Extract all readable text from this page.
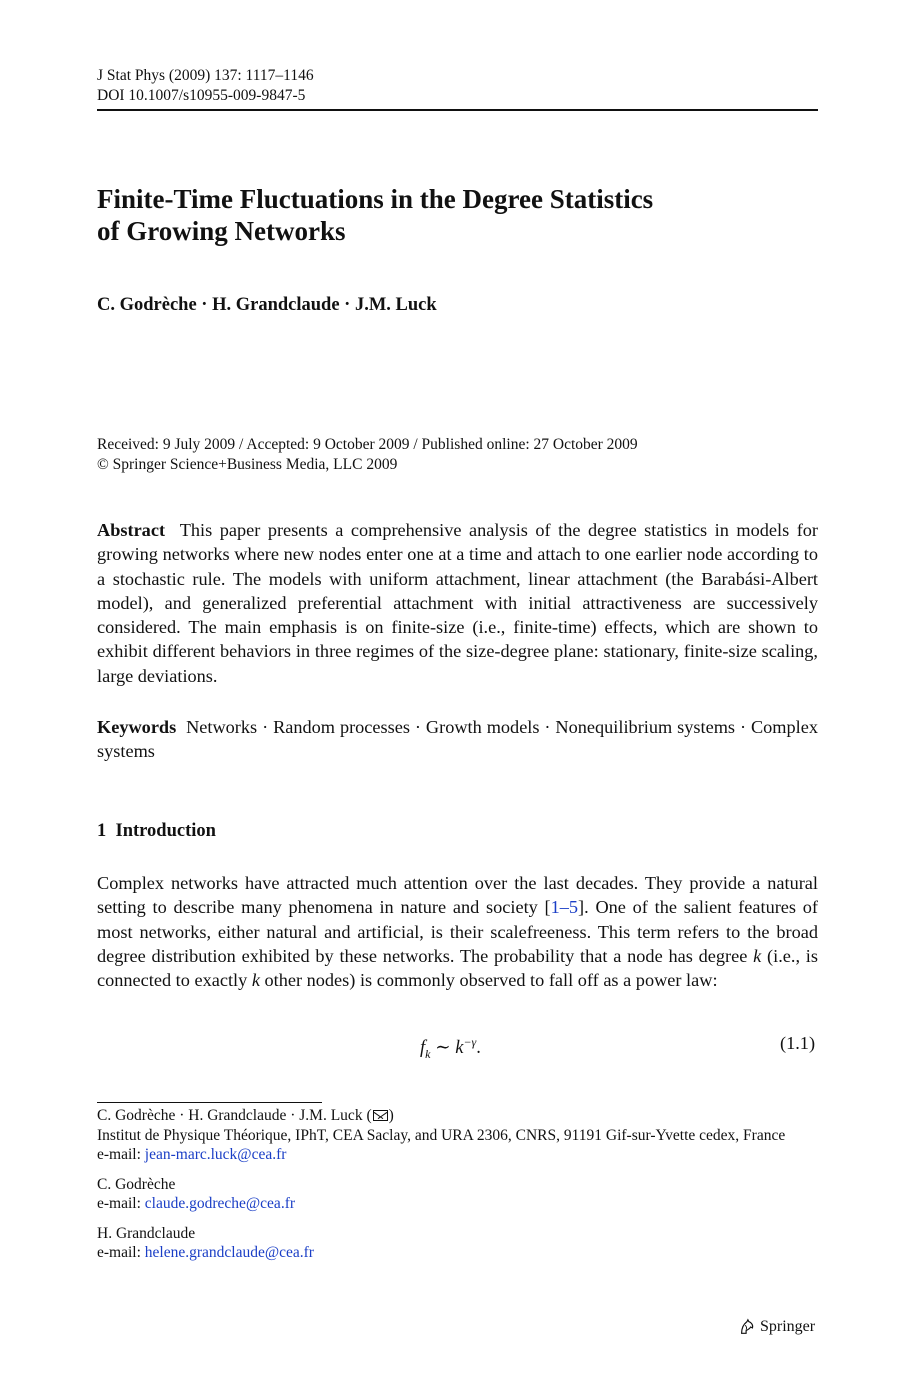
J Stat Phys (2009) 137: 1117–1146
DOI 10.1007/s10955-009-9847-5
Finite-Time Fluctuations in the Degree Statistics
of Growing Networks
C. Godrèche · H. Grandclaude · J.M. Luck
Received: 9 July 2009 / Accepted: 9 October 2009 / Published online: 27 October 2009
© Springer Science+Business Media, LLC 2009

Abstract This paper presents a comprehensive analysis of the degree statistics in models for growing networks where new nodes enter one at a time and attach to one earlier node according to a stochastic rule. The models with uniform attachment, linear attachment (the Barabási-Albert model), and generalized preferential attachment with initial attractiveness are successively considered. The main emphasis is on finite-size (i.e., finite-time) effects, which are shown to exhibit different behaviors in three regimes of the size-degree plane: stationary, finite-size scaling, large deviations.

Keywords Networks · Random processes · Growth models · Nonequilibrium systems · Complex systems

1  Introduction

Complex networks have attracted much attention over the last decades. They provide a natural setting to describe many phenomena in nature and society [1–5]. One of the salient features of most networks, either natural and artificial, is their scalefreeness. This term refers to the broad degree distribution exhibited by these networks. The probability that a node has degree k (i.e., is connected to exactly k other nodes) is commonly observed to fall off as a power law:

$f_k$ ∼ $k^{-\gamma}$.	(1.1)
C. Godrèche · H. Grandclaude · J.M. Luck ( )
Institut de Physique Théorique, IPhT, CEA Saclay, and URA 2306, CNRS, 91191 Gif-sur-Yvette cedex, France
e-mail: jean-marc.luck@cea.fr
C. Godrèche
e-mail: claude.godreche@cea.fr
H. Grandclaude
e-mail: helene.grandclaude@cea.fr
Springer
